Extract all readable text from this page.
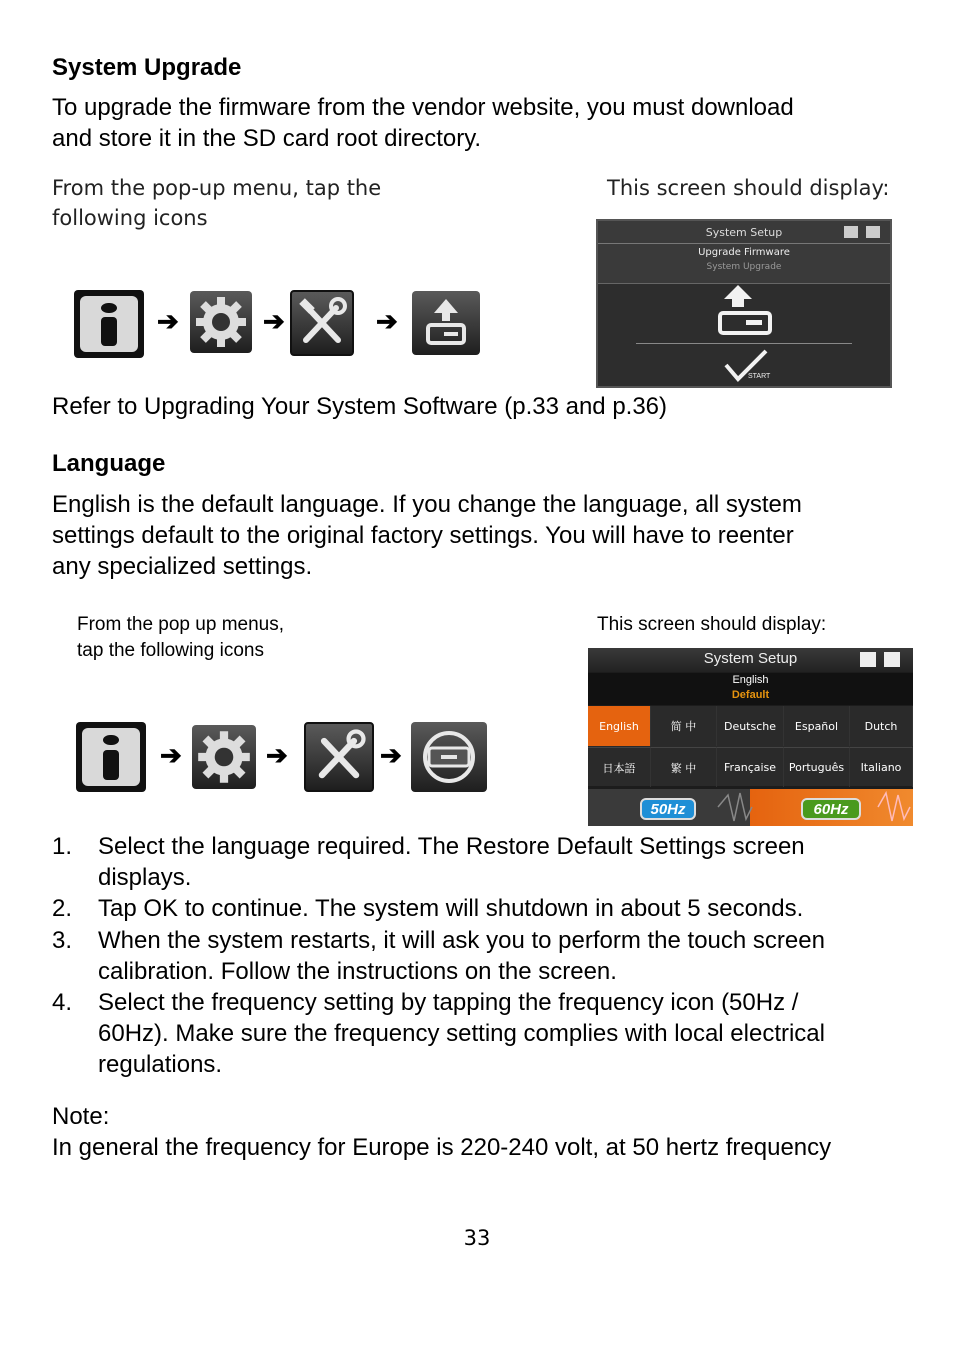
System Upgrade
To upgrade the firmware from the vendor website, you must download
and store it in the SD card root directory.
From the pop-up menu, tap the
following icons
This screen should display:
➔	➔	➔
System Setup
Upgrade Firmware
System Upgrade
START
Refer to Upgrading Your System Software (p.33 and p.36)
Language
English is the default language. If you change the language, all system
settings default to the original factory settings. You will have to reenter
any specialized settings.
From the pop up menus,
tap the following icons
This screen should display:
➔	➔	➔
System Setup
English
Default
English	简 中	Deutsche	Español	Dutch
日本語	繁 中	Française	Português	Italiano
50Hz	60Hz
1. Select the language required. The Restore Default Settings screen
displays.
2. Tap OK to continue. The system will shutdown in about 5 seconds.
3. When the system restarts, it will ask you to perform the touch screen
calibration. Follow the instructions on the screen.
4. Select the frequency setting by tapping the frequency icon (50Hz /
60Hz). Make sure the frequency setting complies with local electrical
regulations.
Note:
In general the frequency for Europe is 220-240 volt, at 50 hertz frequency
33
